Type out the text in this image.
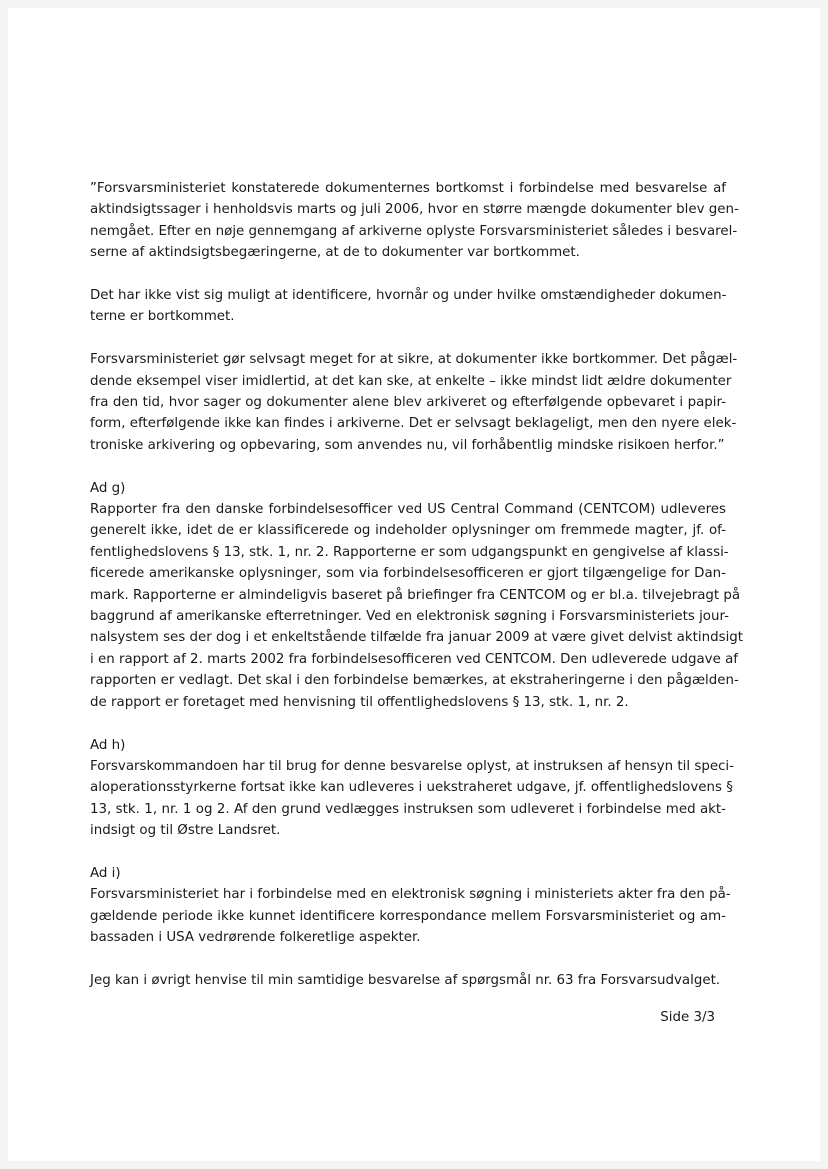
”Forsvarsministeriet konstaterede dokumenternes bortkomst i forbindelse med besvarelse af
aktindsigtssager i henholdsvis marts og juli 2006, hvor en større mængde dokumenter blev gen-
nemgået. Efter en nøje gennemgang af arkiverne oplyste Forsvarsministeriet således i besvarel-
serne af aktindsigtsbegæringerne, at de to dokumenter var bortkommet.
Det har ikke vist sig muligt at identificere, hvornår og under hvilke omstændigheder dokumen-
terne er bortkommet.
Forsvarsministeriet gør selvsagt meget for at sikre, at dokumenter ikke bortkommer. Det pågæl-
dende eksempel viser imidlertid, at det kan ske, at enkelte – ikke mindst lidt ældre dokumenter
fra den tid, hvor sager og dokumenter alene blev arkiveret og efterfølgende opbevaret i papir-
form, efterfølgende ikke kan findes i arkiverne. Det er selvsagt beklageligt, men den nyere elek-
troniske arkivering og opbevaring, som anvendes nu, vil forhåbentlig mindske risikoen herfor.”
Ad g)
Rapporter fra den danske forbindelsesofficer ved US Central Command (CENTCOM) udleveres
generelt ikke, idet de er klassificerede og indeholder oplysninger om fremmede magter, jf. of-
fentlighedslovens § 13, stk. 1, nr. 2. Rapporterne er som udgangspunkt en gengivelse af klassi-
ficerede amerikanske oplysninger, som via forbindelsesofficeren er gjort tilgængelige for Dan-
mark. Rapporterne er almindeligvis baseret på briefinger fra CENTCOM og er bl.a. tilvejebragt på
baggrund af amerikanske efterretninger. Ved en elektronisk søgning i Forsvarsministeriets jour-
nalsystem ses der dog i et enkeltstående tilfælde fra januar 2009 at være givet delvist aktindsigt
i en rapport af 2. marts 2002 fra forbindelsesofficeren ved CENTCOM. Den udleverede udgave af
rapporten er vedlagt. Det skal i den forbindelse bemærkes, at ekstraheringerne i den pågælden-
de rapport er foretaget med henvisning til offentlighedslovens § 13, stk. 1, nr. 2.
Ad h)
Forsvarskommandoen har til brug for denne besvarelse oplyst, at instruksen af hensyn til speci-
aloperationsstyrkerne fortsat ikke kan udleveres i uekstraheret udgave, jf. offentlighedslovens §
13, stk. 1, nr. 1 og 2. Af den grund vedlægges instruksen som udleveret i forbindelse med akt-
indsigt og til Østre Landsret.
Ad i)
Forsvarsministeriet har i forbindelse med en elektronisk søgning i ministeriets akter fra den på-
gældende periode ikke kunnet identificere korrespondance mellem Forsvarsministeriet og am-
bassaden i USA vedrørende folkeretlige aspekter.
Jeg kan i øvrigt henvise til min samtidige besvarelse af spørgsmål nr. 63 fra Forsvarsudvalget.
Side 3/3
